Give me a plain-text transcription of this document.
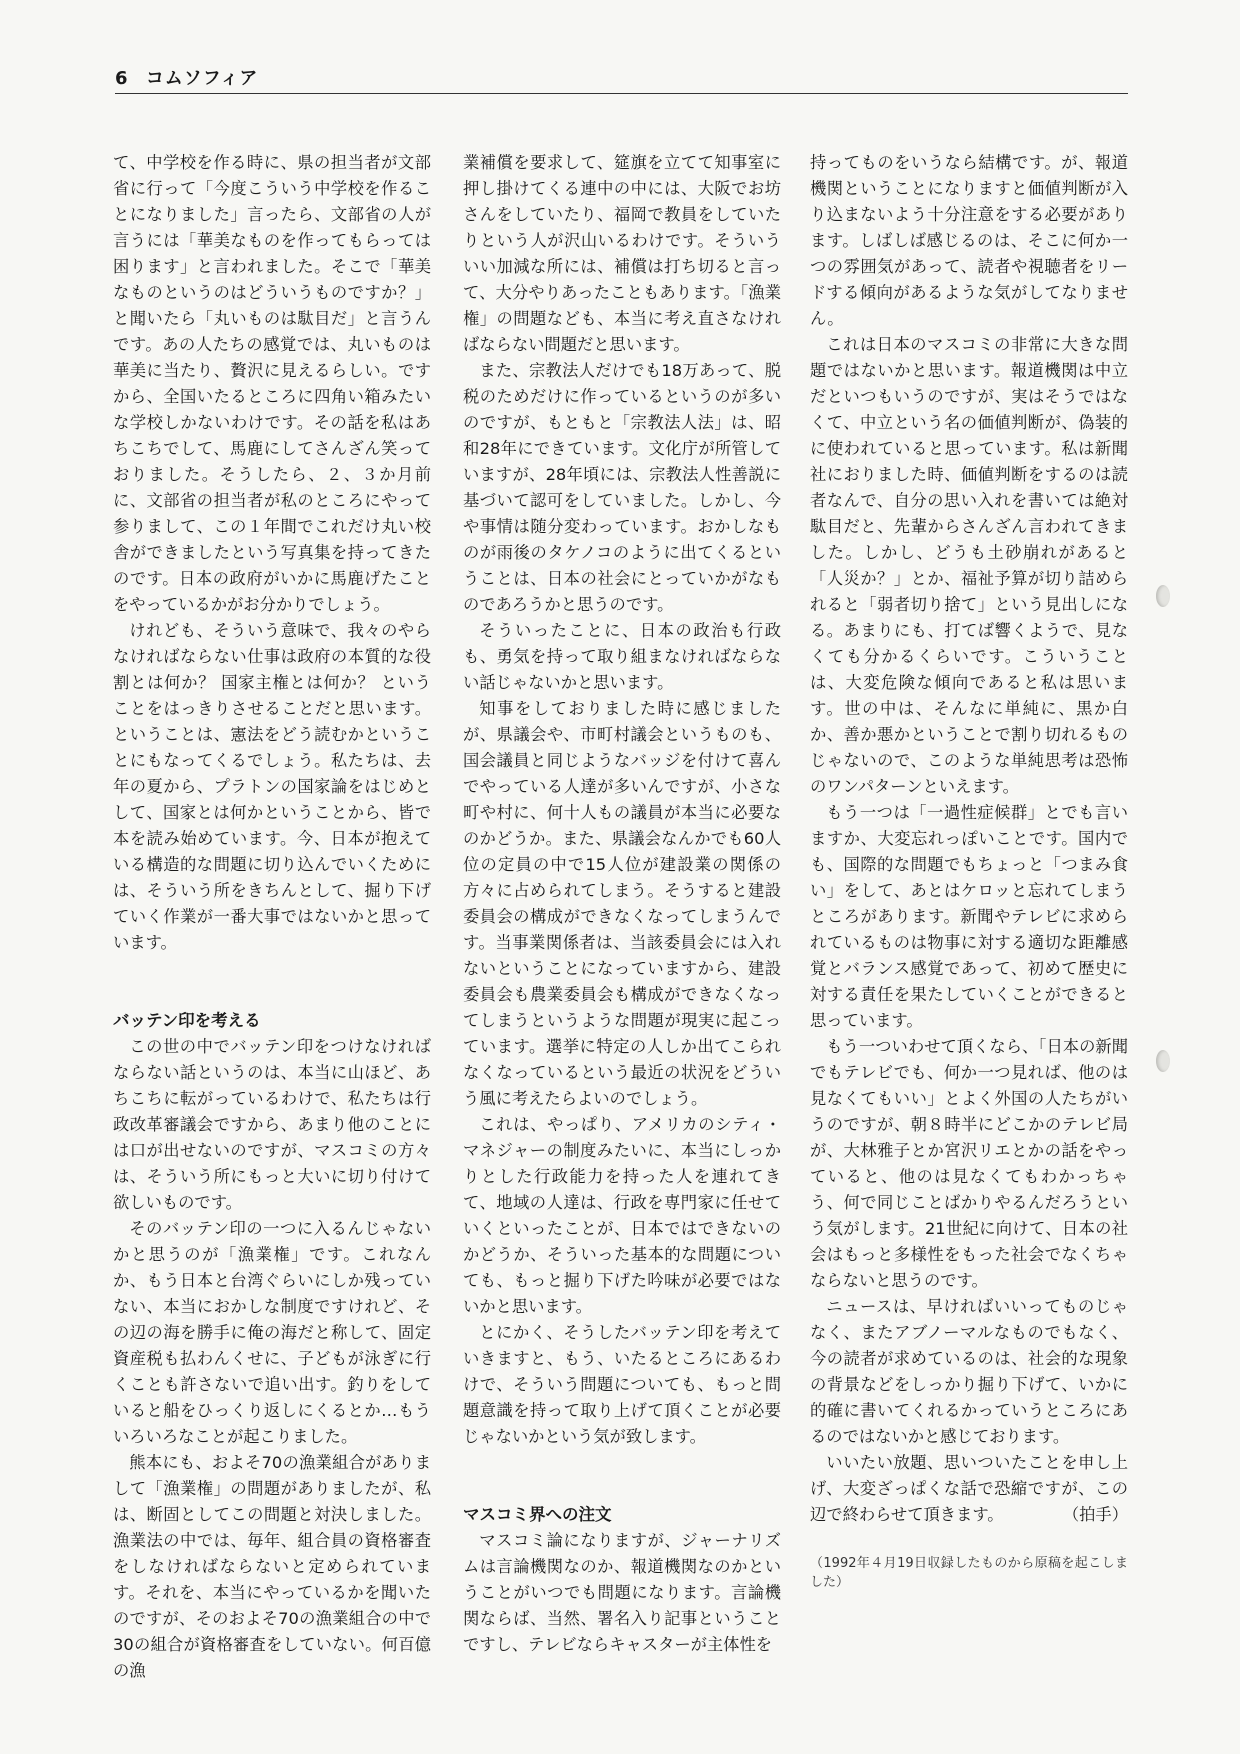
6 コムソフィア

て、中学校を作る時に、県の担当者が文部省に行って「今度こういう中学校を作ることになりました」言ったら、文部省の人が言うには「華美なものを作ってもらっては困ります」と言われました。そこで「華美なものというのはどういうものですか？」と聞いたら「丸いものは駄目だ」と言うんです。あの人たちの感覚では、丸いものは華美に当たり、贅沢に見えるらしい。ですから、全国いたるところに四角い箱みたいな学校しかないわけです。その話を私はあちこちでして、馬鹿にしてさんざん笑っておりました。そうしたら、２、３か月前に、文部省の担当者が私のところにやって参りまして、この１年間でこれだけ丸い校舎ができましたという写真集を持ってきたのです。日本の政府がいかに馬鹿げたことをやっているかがお分かりでしょう。

けれども、そういう意味で、我々のやらなければならない仕事は政府の本質的な役割とは何か？ 国家主権とは何か？ ということをはっきりさせることだと思います。ということは、憲法をどう読むかということにもなってくるでしょう。私たちは、去年の夏から、プラトンの国家論をはじめとして、国家とは何かということから、皆で本を読み始めています。今、日本が抱えている構造的な問題に切り込んでいくためには、そういう所をきちんとして、掘り下げていく作業が一番大事ではないかと思っています。

バッテン印を考える

この世の中でバッテン印をつけなければならない話というのは、本当に山ほど、あちこちに転がっているわけで、私たちは行政改革審議会ですから、あまり他のことには口が出せないのですが、マスコミの方々は、そういう所にもっと大いに切り付けて欲しいものです。

そのバッテン印の一つに入るんじゃないかと思うのが「漁業権」です。これなんか、もう日本と台湾ぐらいにしか残っていない、本当におかしな制度ですけれど、その辺の海を勝手に俺の海だと称して、固定資産税も払わんくせに、子どもが泳ぎに行くことも許さないで追い出す。釣りをしていると船をひっくり返しにくるとか…もういろいろなことが起こりました。

熊本にも、およそ70の漁業組合がありまして「漁業権」の問題がありましたが、私は、断固としてこの問題と対決しました。漁業法の中では、毎年、組合員の資格審査をしなければならないと定められています。それを、本当にやっているかを聞いたのですが、そのおよそ70の漁業組合の中で30の組合が資格審査をしていない。何百億の漁

業補償を要求して、筵旗を立てて知事室に押し掛けてくる連中の中には、大阪でお坊さんをしていたり、福岡で教員をしていたりという人が沢山いるわけです。そういういい加減な所には、補償は打ち切ると言って、大分やりあったこともあります。「漁業権」の問題なども、本当に考え直さなければならない問題だと思います。

また、宗教法人だけでも18万あって、脱税のためだけに作っているというのが多いのですが、もともと「宗教法人法」は、昭和28年にできています。文化庁が所管していますが、28年頃には、宗教法人性善説に基づいて認可をしていました。しかし、今や事情は随分変わっています。おかしなものが雨後のタケノコのように出てくるということは、日本の社会にとっていかがなものであろうかと思うのです。

そういったことに、日本の政治も行政も、勇気を持って取り組まなければならない話じゃないかと思います。

知事をしておりました時に感じましたが、県議会や、市町村議会というものも、国会議員と同じようなバッジを付けて喜んでやっている人達が多いんですが、小さな町や村に、何十人もの議員が本当に必要なのかどうか。また、県議会なんかでも60人位の定員の中で15人位が建設業の関係の方々に占められてしまう。そうすると建設委員会の構成ができなくなってしまうんです。当事業関係者は、当該委員会には入れないということになっていますから、建設委員会も農業委員会も構成ができなくなってしまうというような問題が現実に起こっています。選挙に特定の人しか出てこられなくなっているという最近の状況をどういう風に考えたらよいのでしょう。

これは、やっぱり、アメリカのシティ・マネジャーの制度みたいに、本当にしっかりとした行政能力を持った人を連れてきて、地域の人達は、行政を専門家に任せていくといったことが、日本ではできないのかどうか、そういった基本的な問題についても、もっと掘り下げた吟味が必要ではないかと思います。

とにかく、そうしたバッテン印を考えていきますと、もう、いたるところにあるわけで、そういう問題についても、もっと問題意識を持って取り上げて頂くことが必要じゃないかという気が致します。

マスコミ界への注文

マスコミ論になりますが、ジャーナリズムは言論機関なのか、報道機関なのかということがいつでも問題になります。言論機関ならば、当然、署名入り記事ということですし、テレビならキャスターが主体性を

持ってものをいうなら結構です。が、報道機関ということになりますと価値判断が入り込まないよう十分注意をする必要があります。しばしば感じるのは、そこに何か一つの雰囲気があって、読者や視聴者をリードする傾向があるような気がしてなりません。

これは日本のマスコミの非常に大きな問題ではないかと思います。報道機関は中立だといつもいうのですが、実はそうではなくて、中立という名の価値判断が、偽装的に使われていると思っています。私は新聞社におりました時、価値判断をするのは読者なんで、自分の思い入れを書いては絶対駄目だと、先輩からさんざん言われてきました。しかし、どうも土砂崩れがあると「人災か？」とか、福祉予算が切り詰められると「弱者切り捨て」という見出しになる。あまりにも、打てば響くようで、見なくても分かるくらいです。こういうことは、大変危険な傾向であると私は思います。世の中は、そんなに単純に、黒か白か、善か悪かということで割り切れるものじゃないので、このような単純思考は恐怖のワンパターンといえます。

もう一つは「一過性症候群」とでも言いますか、大変忘れっぽいことです。国内でも、国際的な問題でもちょっと「つまみ食い」をして、あとはケロッと忘れてしまうところがあります。新聞やテレビに求められているものは物事に対する適切な距離感覚とバランス感覚であって、初めて歴史に対する責任を果たしていくことができると思っています。

もう一ついわせて頂くなら、「日本の新聞でもテレビでも、何か一つ見れば、他のは見なくてもいい」とよく外国の人たちがいうのですが、朝８時半にどこかのテレビ局が、大林雅子とか宮沢リエとかの話をやっていると、他のは見なくてもわかっちゃう、何で同じことばかりやるんだろうという気がします。21世紀に向けて、日本の社会はもっと多様性をもった社会でなくちゃならないと思うのです。

ニュースは、早ければいいってものじゃなく、またアブノーマルなものでもなく、今の読者が求めているのは、社会的な現象の背景などをしっかり掘り下げて、いかに的確に書いてくれるかっていうところにあるのではないかと感じております。

いいたい放題、思いついたことを申し上げ、大変ざっぱくな話で恐縮ですが、この辺で終わらせて頂きます。	（拍手）

（1992年４月19日収録したものから原稿を起こしました）
